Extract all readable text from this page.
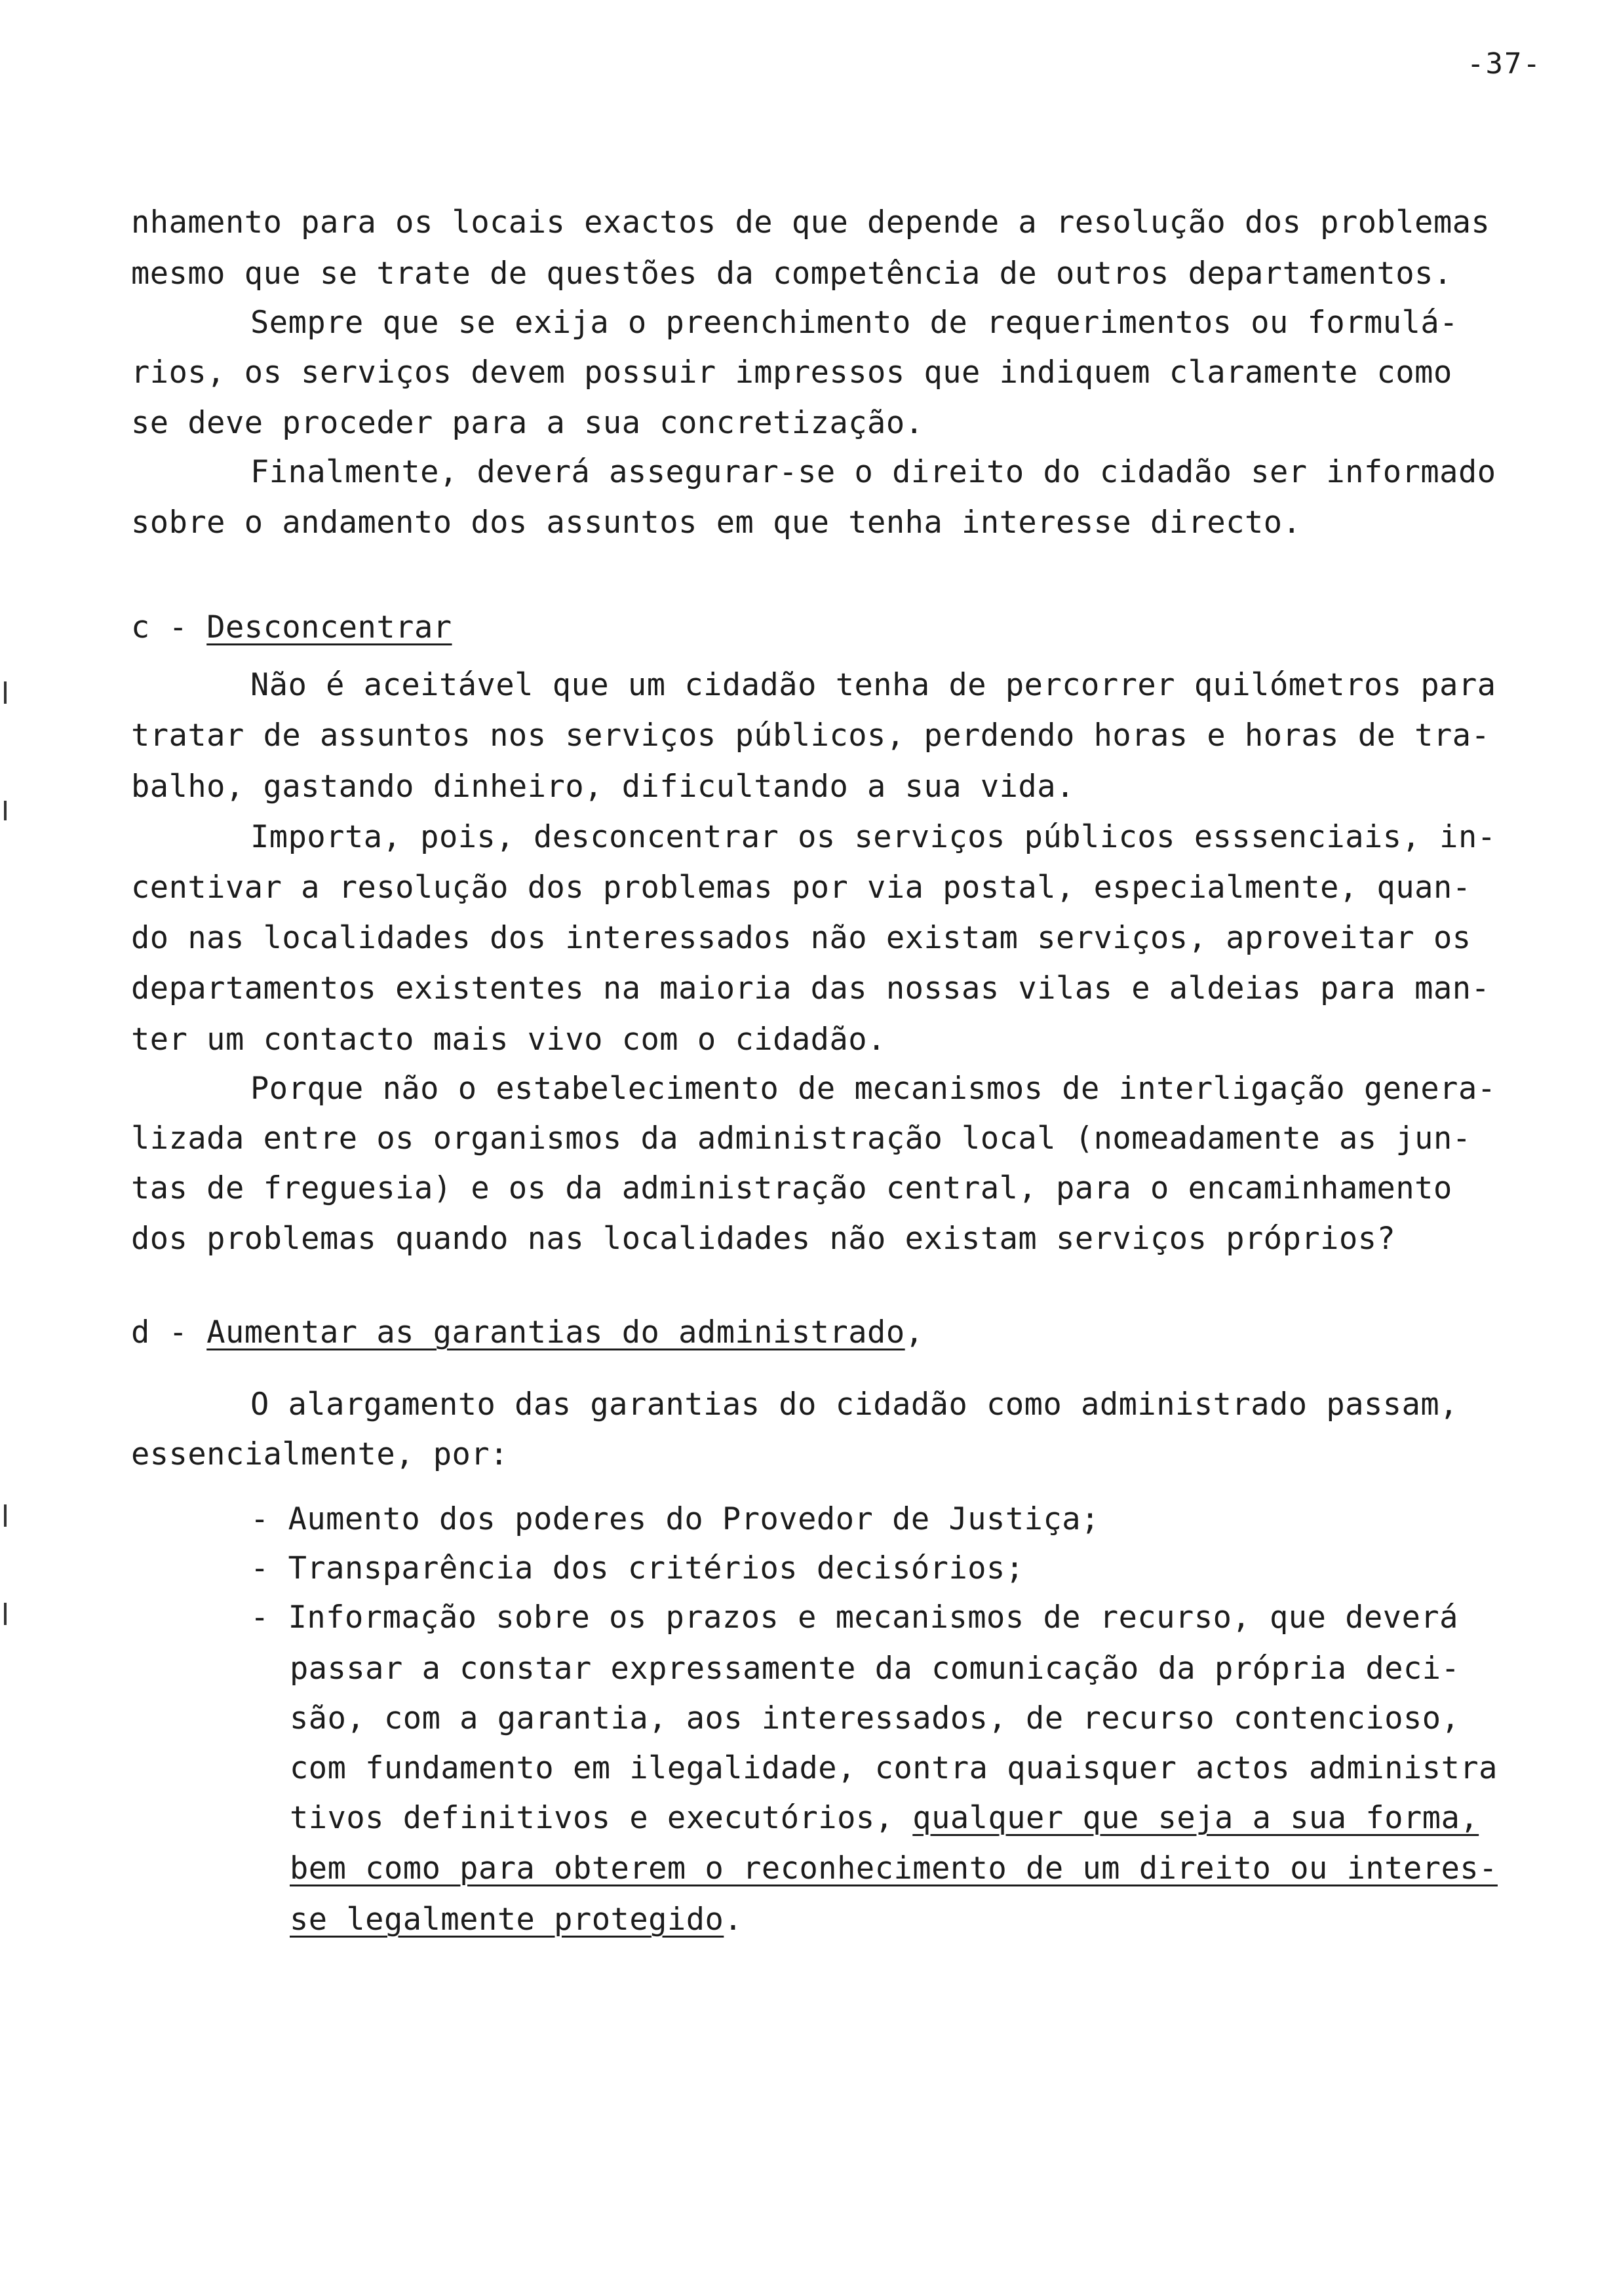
-37-
nhamento para os locais exactos de que depende a resolução dos problemas
mesmo que se trate de questões da competência de outros departamentos.
Sempre que se exija o preenchimento de requerimentos ou formulá-
rios, os serviços devem possuir impressos que indiquem claramente como
se deve proceder para a sua concretização.
Finalmente, deverá assegurar-se o direito do cidadão ser informado
sobre o andamento dos assuntos em que tenha interesse directo.
c - Desconcentrar
Não é aceitável que um cidadão tenha de percorrer quilómetros para
tratar de assuntos nos serviços públicos, perdendo horas e horas de tra-
balho, gastando dinheiro, dificultando a sua vida.
Importa, pois, desconcentrar os serviços públicos esssenciais, in-
centivar a resolução dos problemas por via postal, especialmente, quan-
do nas localidades dos interessados não existam serviços, aproveitar os
departamentos existentes na maioria das nossas vilas e aldeias para man-
ter um contacto mais vivo com o cidadão.
Porque não o estabelecimento de mecanismos de interligação genera-
lizada entre os organismos da administração local (nomeadamente as jun-
tas de freguesia) e os da administração central, para o encaminhamento
dos problemas quando nas localidades não existam serviços próprios?
d - Aumentar as garantias do administrado,
O alargamento das garantias do cidadão como administrado passam,
essencialmente, por:
- Aumento dos poderes do Provedor de Justiça;
- Transparência dos critérios decisórios;
- Informação sobre os prazos e mecanismos de recurso, que deverá
passar a constar expressamente da comunicação da própria deci-
são, com a garantia, aos interessados, de recurso contencioso,
com fundamento em ilegalidade, contra quaisquer actos administra
tivos definitivos e executórios, qualquer que seja a sua forma,
bem como para obterem o reconhecimento de um direito ou interes-
se legalmente protegido.
